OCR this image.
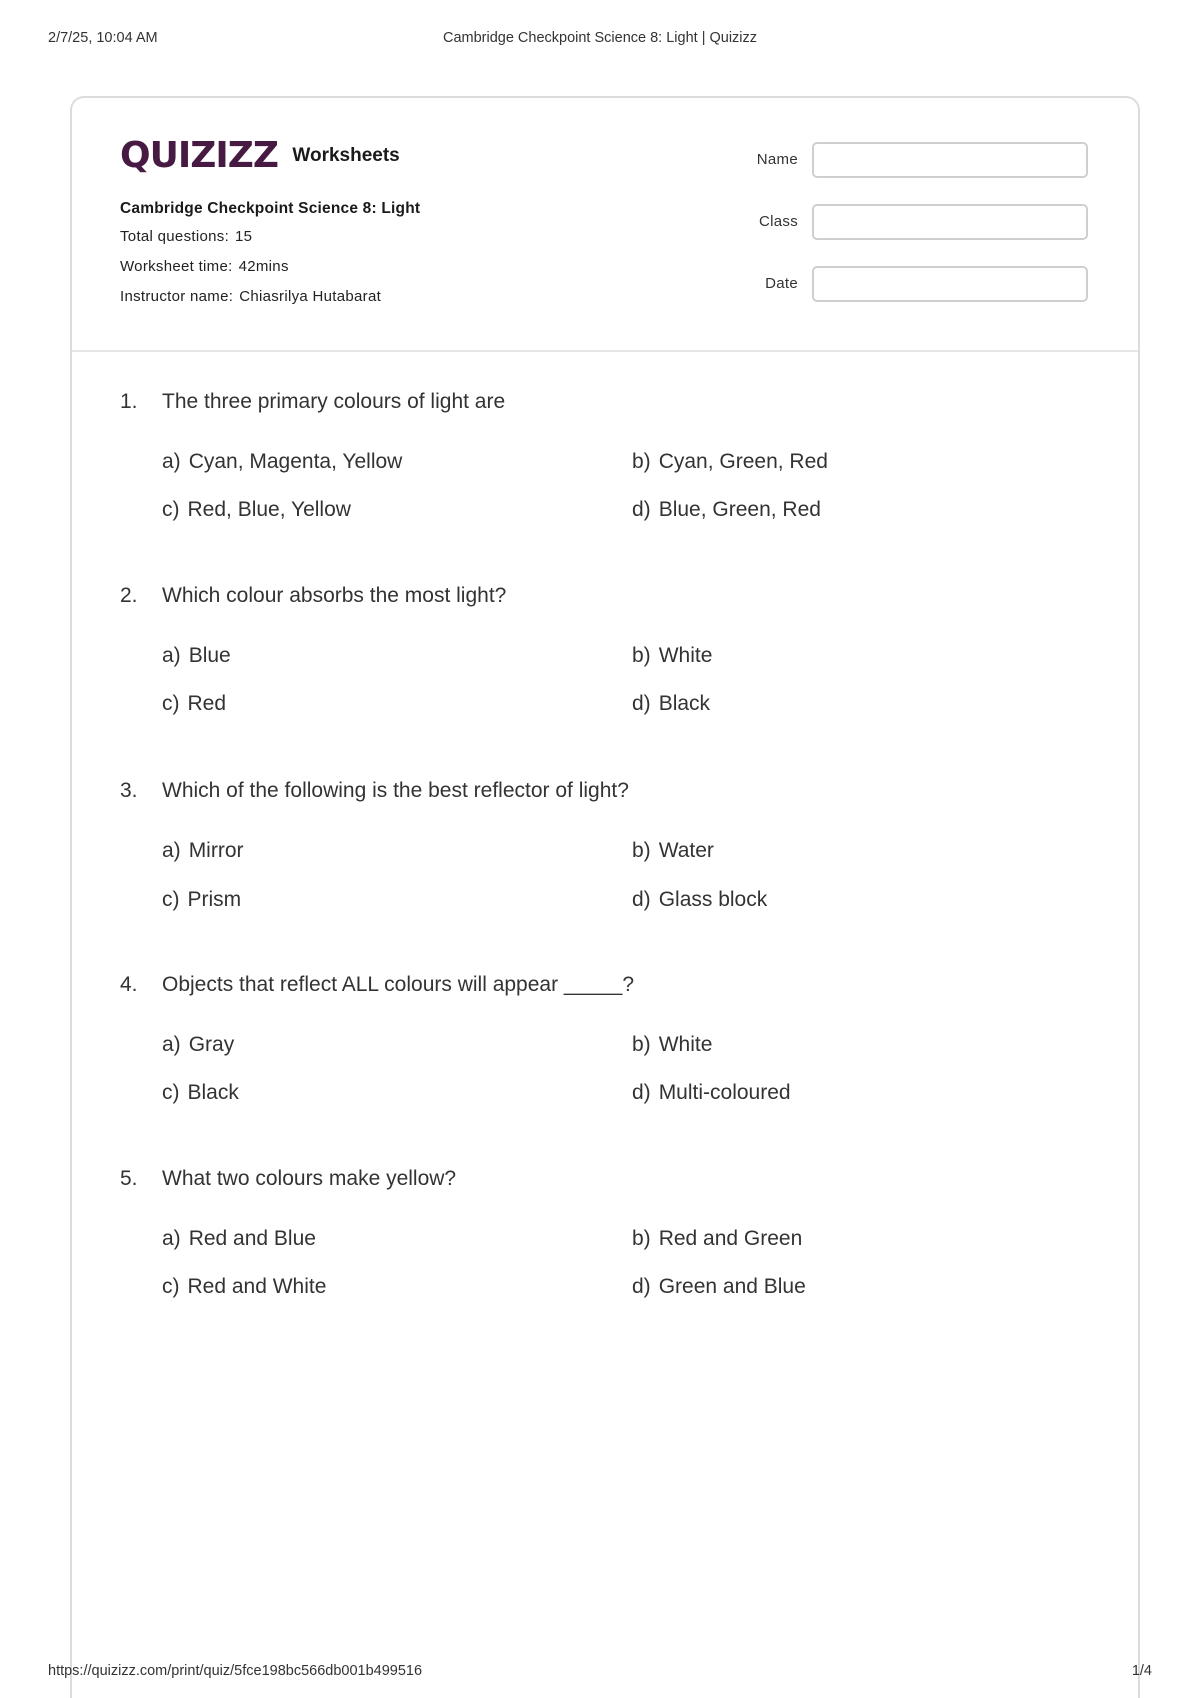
2/7/25, 10:04 AM	Cambridge Checkpoint Science 8: Light | Quizizz
QUIZIZZ Worksheets
Cambridge Checkpoint Science 8: Light
Total questions: 15
Worksheet time: 42mins
Instructor name: Chiasrilya Hutabarat
Name
Class
Date
1. The three primary colours of light are
a) Cyan, Magenta, Yellow	b) Cyan, Green, Red
c) Red, Blue, Yellow	d) Blue, Green, Red
2. Which colour absorbs the most light?
a) Blue	b) White
c) Red	d) Black
3. Which of the following is the best reflector of light?
a) Mirror	b) Water
c) Prism	d) Glass block
4. Objects that reflect ALL colours will appear _____?
a) Gray	b) White
c) Black	d) Multi-coloured
5. What two colours make yellow?
a) Red and Blue	b) Red and Green
c) Red and White	d) Green and Blue
https://quizizz.com/print/quiz/5fce198bc566db001b499516	1/4
